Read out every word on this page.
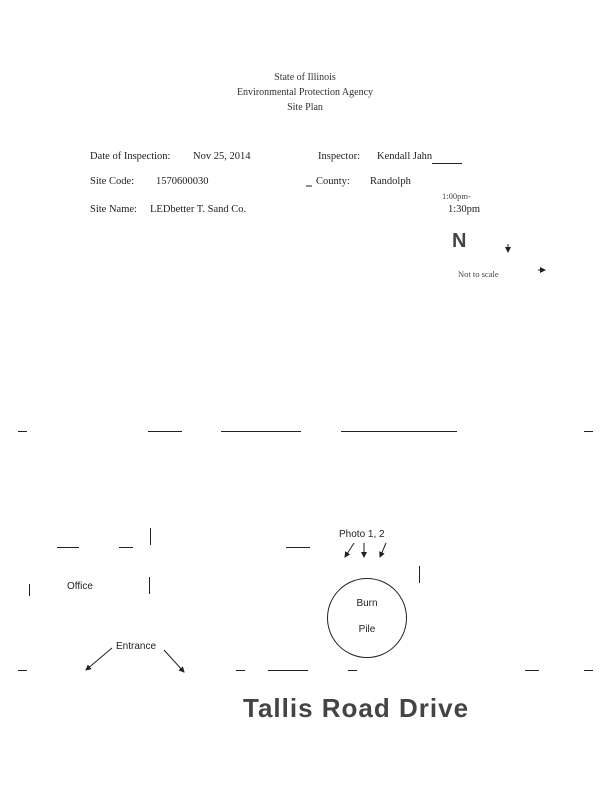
State of Illinois
Environmental Protection Agency
Site Plan
Date of Inspection: Nov 25, 2014	Inspector: Kendall Jahn
Site Code: 1570600030	County: Randolph
1:00pm-
Site Name: LEDbetter T. Sand Co.	1:30pm
N
Not to scale
Office
Photo 1, 2
Entrance
Burn
Pile
Tallis Road Drive
